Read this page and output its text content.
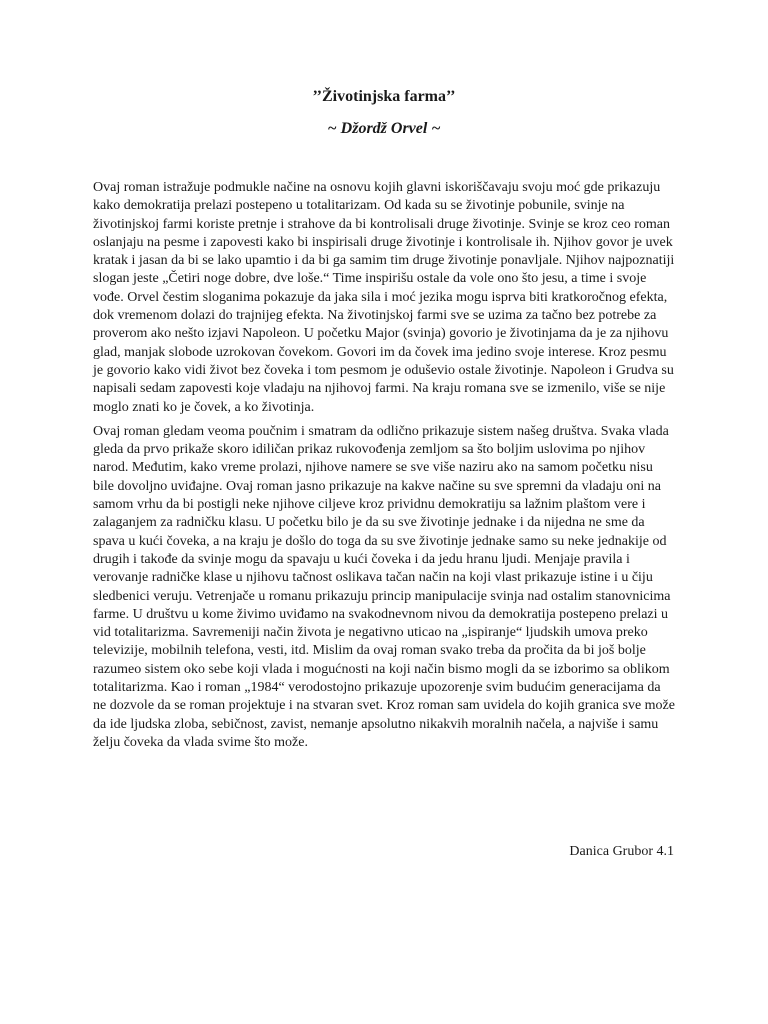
’’Životinjska farma’’
~ Džordž Orvel ~

Ovaj roman istražuje podmukle načine na osnovu kojih glavni iskoriščavaju svoju moć gde prikazuju kako demokratija prelazi postepeno u totalitarizam. Od kada su se životinje pobunile, svinje na životinjskoj farmi koriste pretnje i strahove da bi kontrolisali druge životinje. Svinje se kroz ceo roman oslanjaju na pesme i zapovesti kako bi inspirisali druge životinje i kontrolisale ih. Njihov govor je uvek kratak i jasan da bi se lako upamtio i da bi ga samim tim druge životinje ponavljale. Njihov najpoznatiji slogan jeste „Četiri noge dobre, dve loše.“ Time inspirišu ostale da vole ono što jesu, a time i svoje vođe. Orvel čestim sloganima pokazuje da jaka sila i moć jezika mogu isprva biti kratkoročnog efekta, dok vremenom dolazi do trajnijeg efekta. Na životinjskoj farmi sve se uzima za tačno bez potrebe za proverom ako nešto izjavi Napoleon. U početku Major (svinja) govorio je životinjama da je za njihovu glad, manjak slobode uzrokovan čovekom. Govori im da čovek ima jedino svoje interese. Kroz pesmu je govorio kako vidi život bez čoveka i tom pesmom je oduševio ostale životinje. Napoleon i Grudva su napisali sedam zapovesti koje vladaju na njihovoj farmi. Na kraju romana sve se izmenilo, više se nije moglo znati ko je čovek, a ko životinja.

Ovaj roman gledam veoma poučnim i smatram da odlično prikazuje sistem našeg društva. Svaka vlada gleda da prvo prikaže skoro idiličan prikaz rukovođenja zemljom sa što boljim uslovima po njihov narod. Međutim, kako vreme prolazi, njihove namere se sve više naziru ako na samom početku nisu bile dovoljno uviđajne. Ovaj roman jasno prikazuje na kakve načine su sve spremni da vladaju oni na samom vrhu da bi postigli neke njihove ciljeve kroz prividnu demokratiju sa lažnim plaštom vere i zalaganjem za radničku klasu. U početku bilo je da su sve životinje jednake i da nijedna ne sme da spava u kući čoveka, a na kraju je došlo do toga da su sve životinje jednake samo su neke jednakije od drugih i takođe da svinje mogu da spavaju u kući čoveka i da jedu hranu ljudi. Menjaje pravila i verovanje radničke klase u njihovu tačnost oslikava tačan način na koji vlast prikazuje istine i u čiju sledbenici veruju. Vetrenjače u romanu prikazuju princip manipulacije svinja nad ostalim stanovnicima farme. U društvu u kome živimo uviđamo na svakodnevnom nivou da demokratija postepeno prelazi u vid totalitarizma. Savremeniji način života je negativno uticao na „ispiranje“ ljudskih umova preko televizije, mobilnih telefona, vesti, itd. Mislim da ovaj roman svako treba da pročita da bi još bolje razumeo sistem oko sebe koji vlada i mogućnosti na koji način bismo mogli da se izborimo sa oblikom totalitarizma. Kao i roman „1984“ verodostojno prikazuje upozorenje svim budućim generacijama da ne dozvole da se roman projektuje i na stvaran svet. Kroz roman sam uvidela do kojih granica sve može da ide ljudska zloba, sebičnost, zavist, nemanje apsolutno nikakvih moralnih načela, a najviše i samu želju čoveka da vlada svime što može.

Danica Grubor 4.1
